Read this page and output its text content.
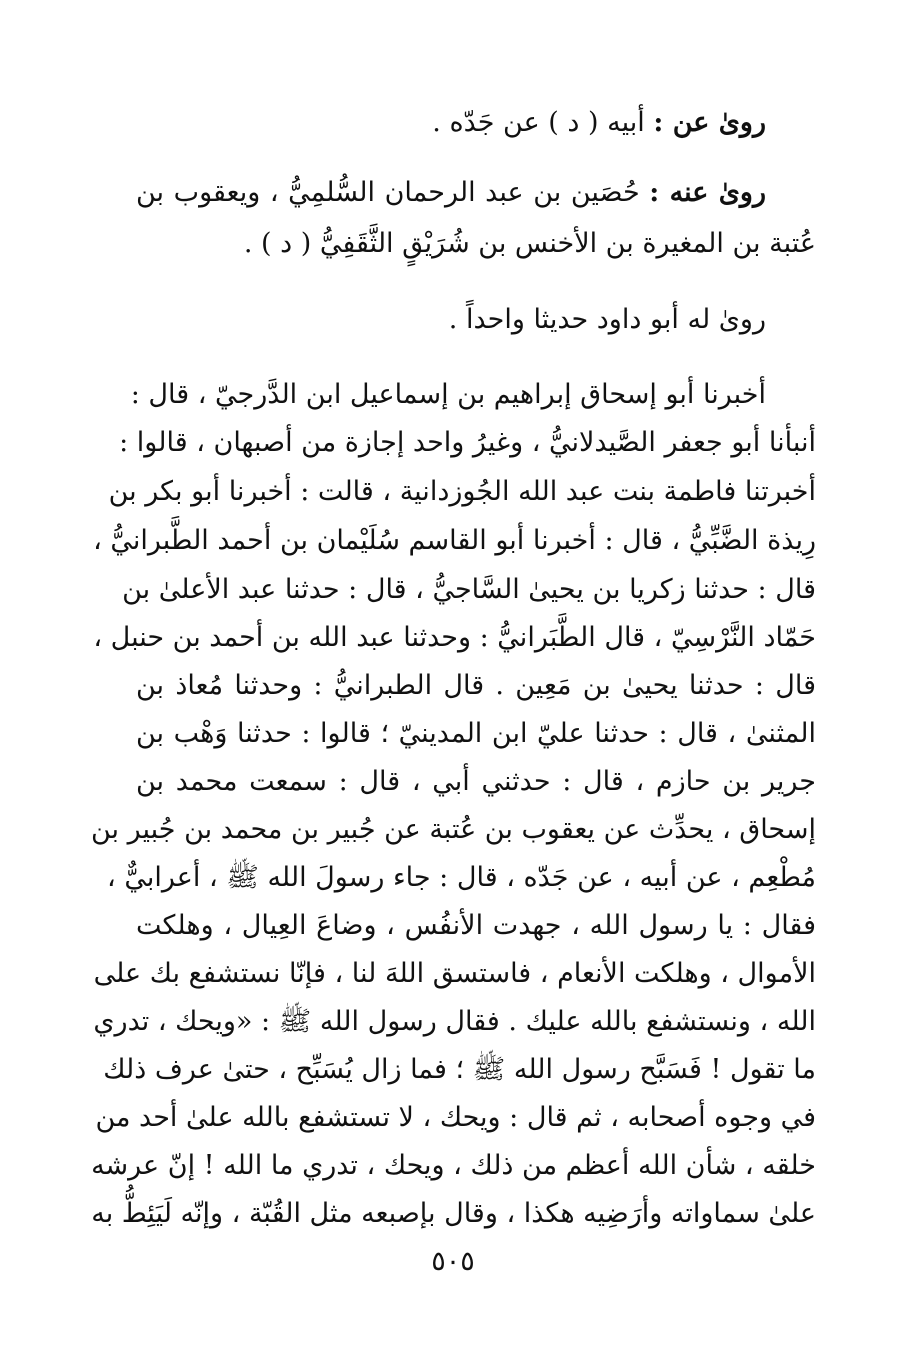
رویٰ عن : أبيه ( د ) عن جَدّه .
رویٰ عنه : حُصَين بن عبد الرحمان السُّلمِيُّ ، ويعقوب بن
عُتبة بن المغيرة بن الأخنس بن شُرَيْقٍ الثَّقَفِيُّ ( د ) .
رویٰ له أبو داود حديثا واحداً .
أخبرنا أبو إسحاق إبراهيم بن إسماعيل ابن الدَّرجيّ ، قال :
أنبأنا أبو جعفر الصَّيدلانيُّ ، وغيرُ واحد إجازة من أصبهان ، قالوا :
أخبرتنا فاطمة بنت عبد الله الجُوزدانية ، قالت : أخبرنا أبو بكر بن
رِيذة الضَّبِّيُّ ، قال : أخبرنا أبو القاسم سُلَيْمان بن أحمد الطَّبرانيُّ ،
قال : حدثنا زكريا بن يحيىٰ السَّاجيُّ ، قال : حدثنا عبد الأعلىٰ بن
حَمّاد النَّرْسِيّ ، قال الطَّبَرانيُّ : وحدثنا عبد الله بن أحمد بن حنبل ،
قال : حدثنا يحيىٰ بن مَعِين . قال الطبرانيُّ : وحدثنا مُعاذ بن
المثنىٰ ، قال : حدثنا عليّ ابن المدينيّ ؛ قالوا : حدثنا وَهْب بن
جرير بن حازم ، قال : حدثني أبي ، قال : سمعت محمد بن
إسحاق ، يحدِّث عن يعقوب بن عُتبة عن جُبير بن محمد بن جُبير بن
مُطْعِم ، عن أبيه ، عن جَدّه ، قال : جاء رسولَ الله ﷺ ، أعرابيٌّ ،
فقال : يا رسول الله ، جهدت الأنفُس ، وضاعَ العِيال ، وهلكت
الأموال ، وهلكت الأنعام ، فاستسق اللهَ لنا ، فإنّا نستشفع بك على
الله ، ونستشفع بالله عليك . فقال رسول الله ﷺ : «ويحك ، تدري
ما تقول ! فَسَبَّح رسول الله ﷺ ؛ فما زال يُسَبِّح ، حتىٰ عرف ذلك
في وجوه أصحابه ، ثم قال : ويحك ، لا تستشفع بالله علىٰ أحد من
خلقه ، شأن الله أعظم من ذلك ، ويحك ، تدري ما الله ! إنّ عرشه
علىٰ سماواته وأرَضِيه هكذا ، وقال بإصبعه مثل القُبّة ، وإنّه لَيَئِطُّ به
٥٠٥
